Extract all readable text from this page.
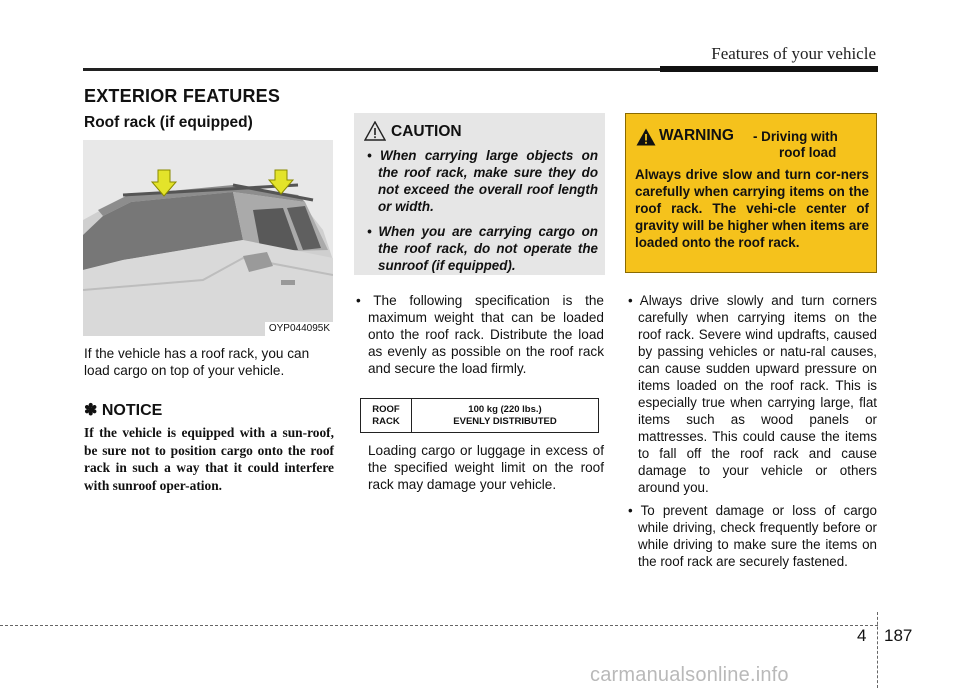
Features of your vehicle
EXTERIOR FEATURES
Roof rack (if equipped)
OYP044095K
If the vehicle has a roof rack, you can load cargo on top of your vehicle.
✽ NOTICE
If the vehicle is equipped with a sun-roof, be sure not to position cargo onto the roof rack in such a way that it could interfere with sunroof oper-ation.
CAUTION
• When carrying large objects on the roof rack, make sure they do not exceed the overall roof length or width.
• When you are carrying cargo on the roof rack, do not operate the sunroof (if equipped).
• The following specification is the maximum weight that can be loaded onto the roof rack. Distribute the load as evenly as possible on the roof rack and secure the load firmly.
ROOF
RACK
100 kg (220 lbs.)
EVENLY DISTRIBUTED
Loading cargo or luggage in excess of the specified weight limit on the roof rack may damage your vehicle.
WARNING - Driving with
roof load
Always drive slow and turn cor-ners carefully when carrying items on the roof rack. The vehi-cle center of gravity will be higher when items are loaded onto the roof rack.
• Always drive slowly and turn corners carefully when carrying items on the roof rack. Severe wind updrafts, caused by passing vehicles or natu-ral causes, can cause sudden upward pressure on items loaded on the roof rack. This is especially true when carrying large, flat items such as wood panels or mattresses. This could cause the items to fall off the roof rack and cause damage to your vehicle or others around you.
• To prevent damage or loss of cargo while driving, check frequently before or while driving to make sure the items on the roof rack are securely fastened.
4 187
carmanualsonline.info
